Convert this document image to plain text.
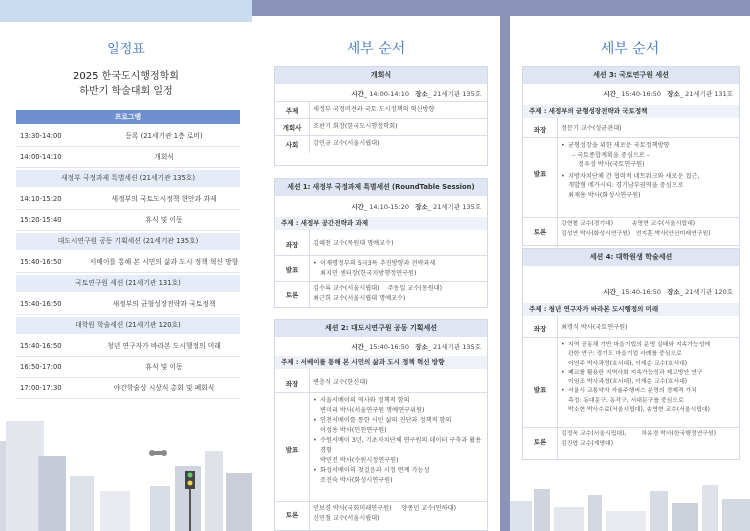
일정표
2025 한국도시행정학회
하반기 학술대회 일정
프로그램
13:30-14:00	등록 (21세기관 1층 로비)
14:00-14:10	개회식
새정부 국정과제 특별세션 (21세기관 135호)
14:10-15:20	새정부의 국토도시정책 현안과 과제
15:20-15:40	휴식 및 이동
대도시연구원 공동 기획세션 (21세기관 135호)
15:40-16:50	서베이를 통해 본 시민의 삶과 도시 정책 혁신 방향
국토연구원 세션 (21세기관 131호)
15:40-16:50	새정부의 균형성장전략과 국토정책
대학원 학술세션 (21세기관 120호)
15:40-16:50	청년 연구자가 바라본 도시행정의 미래
16:50-17:00	휴식 및 이동
17:00-17:30	야간학술상 시상식 총회 및 폐회식
세부 순서
개회식
시간_ 14:00-14:10 장소_ 21세기관 135호
주제	새정부 국정비전과 국토 도시정책의 혁신방향
개회사	조판기 회장(한국도시행정학회)
사회	강민규 교수(서울시립대)
세션 1: 새정부 국정과제 특별세션 (RoundTable Session)
시간_ 14:10-15:20 장소_ 21세기관 135호
주제 : 새정부 공간전략과 과제
좌장	김혜천 교수(목원대 명예교수)
발표
• 이재명정부의 5극3특 추진방향과 전략과제
최지민 센터장(한국지방행정연구원)
토론
김수록 교수(서울시립대) 주동일 교수(동원대)
최근희 교수(서울시립대 명예교수)
세션 2: 대도시연구원 공동 기획세션
시간_ 15:40-16:50 장소_ 21세기관 135호
주제 : 서베이를 통해 본 시민의 삶과 도시 정책 혁신 방향
좌장	변충식 교수(한신대)
발표
• 서울서베이의 역사와 정책적 함의
변미리 박사(서울연구원 명예연구위원)
• 인천서베이를 통한 시민 삶의 진단과 정책적 함의
이성용 박사(인천연구원)
• 수원서베이 3년, 기초자치단체 연구원의 데이터 구축과 활용 경험
박민진 박사(수원시정연구원)
• 화성서베이의 첫걸음과 시정 연계 가능성
조진숙 박사(화성시연구원)
토론
민보경 박사(국회미래연구원) 양종민 교수(인하대)
신민철 교수(서울시립대)
세부 순서
세션 3: 국토연구원 세션
시간_ 15:40-16:50 장소_ 21세기관 131호
주제 : 새정부의 균형성장전략과 국토정책
좌장	정문기 교수(성균관대)
발표
• 균형성장을 위한 새로운 국토정책방향
– 국토종합계획을 중심으로 –
정우성 박사(국토연구원)
• 지방자치단체 간 협력적 네트워크와 새로운 접근,
개발형 메가시티: 경기남부권역을 중심으로
최재용 박사(화성시연구원)
토론
강현철 교수(경기대)	송영현 교수(서울시립대)
김성연 박사(화성시연구원) 전지훈 박사(안산미래연구원)
세션 4: 대학원생 학술세션
시간_ 15:40-16:50 장소_ 21세기관 120호
주제 : 청년 연구자가 바라본 도시행정의 미래
좌장	최명식 박사(국토연구원)
발표
• 지역 공동체 기반 마을기업의 운영 실태와 지속가능성에
관한 연구: 경기도 마을기업 사례를 중심으로
이연주 박사과정(호서대), 이재순 교수(호서대)
• 폐교를 활용한 지역사회 지속가능성과 제고방안 연구
이임조 박사과정(호서대), 이재순 교수(호서대)
• 서울시 교통약자 자율주행버스 운영의 경제적 가치
측정: 동대문구, 동작구, 서대문구를 중심으로
박소현 박사수료(서울시립대), 송영현 교수(서울시립대)
토론
김정욱 교수(서울시립대),	허유경 박사(한국행정연구원)
김진엽 교수(계명대)
